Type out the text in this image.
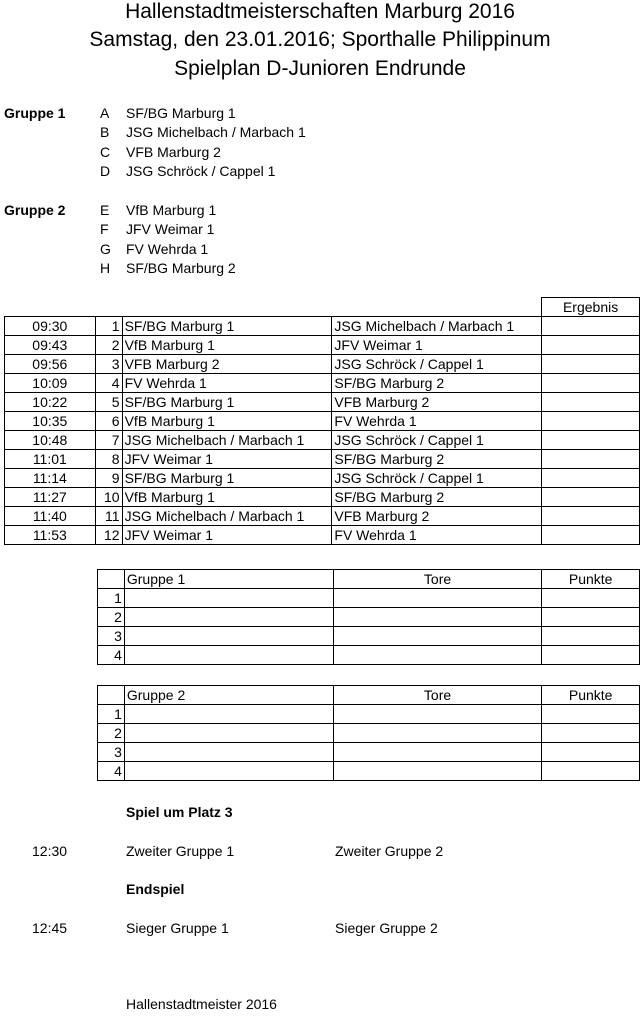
Hallenstadtmeisterschaften Marburg 2016
Samstag, den 23.01.2016; Sporthalle Philippinum
Spielplan D-Junioren Endrunde
Gruppe 1 A SF/BG Marburg 1
B JSG Michelbach / Marbach 1
C VFB Marburg 2
D JSG Schröck / Cappel 1
Gruppe 2 E VfB Marburg 1
F JFV Weimar 1
G FV Wehrda 1
H SF/BG Marburg 2
				Ergebnis
09:30	1	SF/BG Marburg 1	JSG Michelbach / Marbach 1	
09:43	2	VfB Marburg 1	JFV Weimar 1	
09:56	3	VFB Marburg 2	JSG Schröck / Cappel 1	
10:09	4	FV Wehrda 1	SF/BG Marburg 2	
10:22	5	SF/BG Marburg 1	VFB Marburg 2	
10:35	6	VfB Marburg 1	FV Wehrda 1	
10:48	7	JSG Michelbach / Marbach 1	JSG Schröck / Cappel 1	
11:01	8	JFV Weimar 1	SF/BG Marburg 2	
11:14	9	SF/BG Marburg 1	JSG Schröck / Cappel 1	
11:27	10	VfB Marburg 1	SF/BG Marburg 2	
11:40	11	JSG Michelbach / Marbach 1	VFB Marburg 2	
11:53	12	JFV Weimar 1	FV Wehrda 1	
	Gruppe 1	Tore	Punkte
1			
2			
3			
4			
	Gruppe 2	Tore	Punkte
1			
2			
3			
4			
Spiel um Platz 3
12:30	Zweiter Gruppe 1	Zweiter Gruppe 2
Endspiel
12:45	Sieger Gruppe 1	Sieger Gruppe 2
Hallenstadtmeister 2016
